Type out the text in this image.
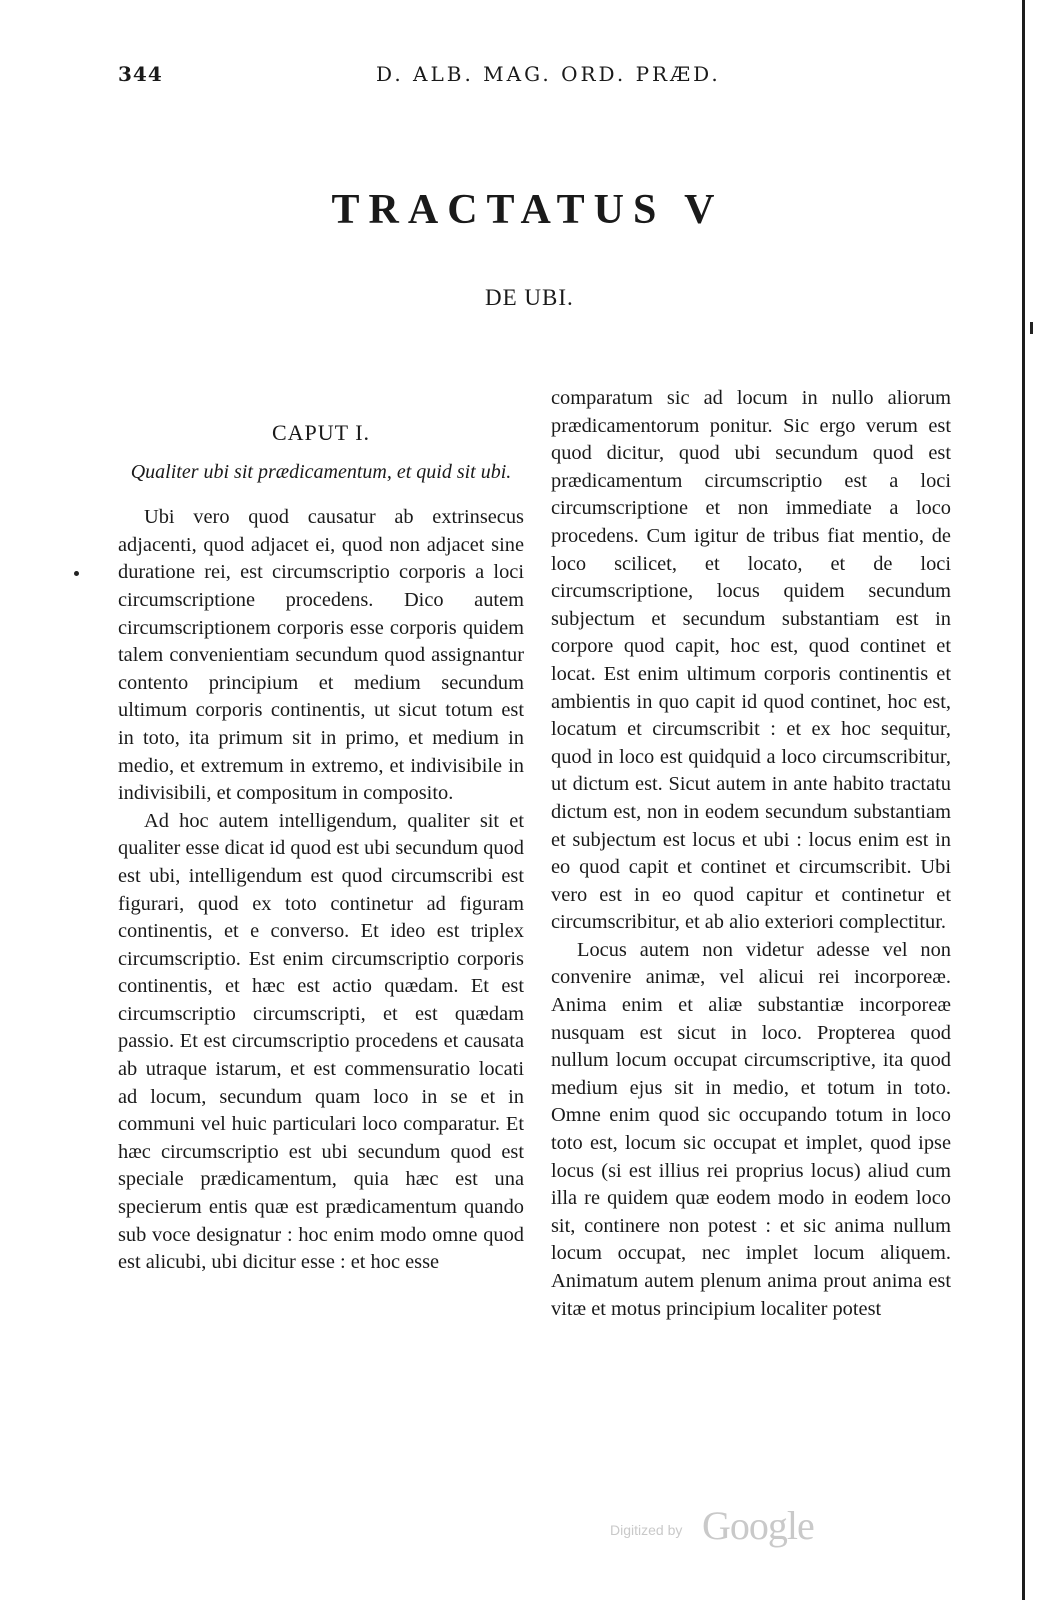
344	D. ALB. MAG. ORD. PRÆD.
TRACTATUS V
DE UBI.
CAPUT I.
Qualiter ubi sit prædicamentum, et quid sit ubi.

Ubi vero quod causatur ab extrinsecus adjacenti, quod adjacet ei, quod non adjacet sine duratione rei, est circumscriptio corporis a loci circumscriptione procedens. Dico autem circumscriptionem corporis esse corporis quidem talem convenientiam secundum quod assignantur contento principium et medium secundum ultimum corporis continentis, ut sicut totum est in toto, ita primum sit in primo, et medium in medio, et extremum in extremo, et indivisibile in indivisibili, et compositum in composito.

Ad hoc autem intelligendum, qualiter sit et qualiter esse dicat id quod est ubi secundum quod est ubi, intelligendum est quod circumscribi est figurari, quod ex toto continetur ad figuram continentis, et e converso. Et ideo est triplex circumscriptio. Est enim circumscriptio corporis continentis, et hæc est actio quædam. Et est circumscriptio circumscripti, et est quædam passio. Et est circumscriptio procedens et causata ab utraque istarum, et est commensuratio locati ad locum, secundum quam loco in se et in communi vel huic particulari loco comparatur. Et hæc circumscriptio est ubi secundum quod est speciale prædicamentum, quia hæc est una specierum entis quæ est prædicamentum quando sub voce designatur : hoc enim modo omne quod est alicubi, ubi dicitur esse : et hoc esse

comparatum sic ad locum in nullo aliorum prædicamentorum ponitur. Sic ergo verum est quod dicitur, quod ubi secundum quod est prædicamentum circumscriptio est a loci circumscriptione et non immediate a loco procedens. Cum igitur de tribus fiat mentio, de loco scilicet, et locato, et de loci circumscriptione, locus quidem secundum subjectum et secundum substantiam est in corpore quod capit, hoc est, quod continet et locat. Est enim ultimum corporis continentis et ambientis in quo capit id quod continet, hoc est, locatum et circumscribit : et ex hoc sequitur, quod in loco est quidquid a loco circumscribitur, ut dictum est. Sicut autem in ante habito tractatu dictum est, non in eodem secundum substantiam et subjectum est locus et ubi : locus enim est in eo quod capit et continet et circumscribit. Ubi vero est in eo quod capitur et continetur et circumscribitur, et ab alio exteriori complectitur.

Locus autem non videtur adesse vel non convenire animæ, vel alicui rei incorporeæ. Anima enim et aliæ substantiæ incorporeæ nusquam est sicut in loco. Propterea quod nullum locum occupat circumscriptive, ita quod medium ejus sit in medio, et totum in toto. Omne enim quod sic occupando totum in loco toto est, locum sic occupat et implet, quod ipse locus (si est illius rei proprius locus) aliud cum illa re quidem quæ eodem modo in eodem loco sit, continere non potest : et sic anima nullum locum occupat, nec implet locum aliquem. Animatum autem plenum anima prout anima est vitæ et motus principium localiter potest

Digitized by Google
